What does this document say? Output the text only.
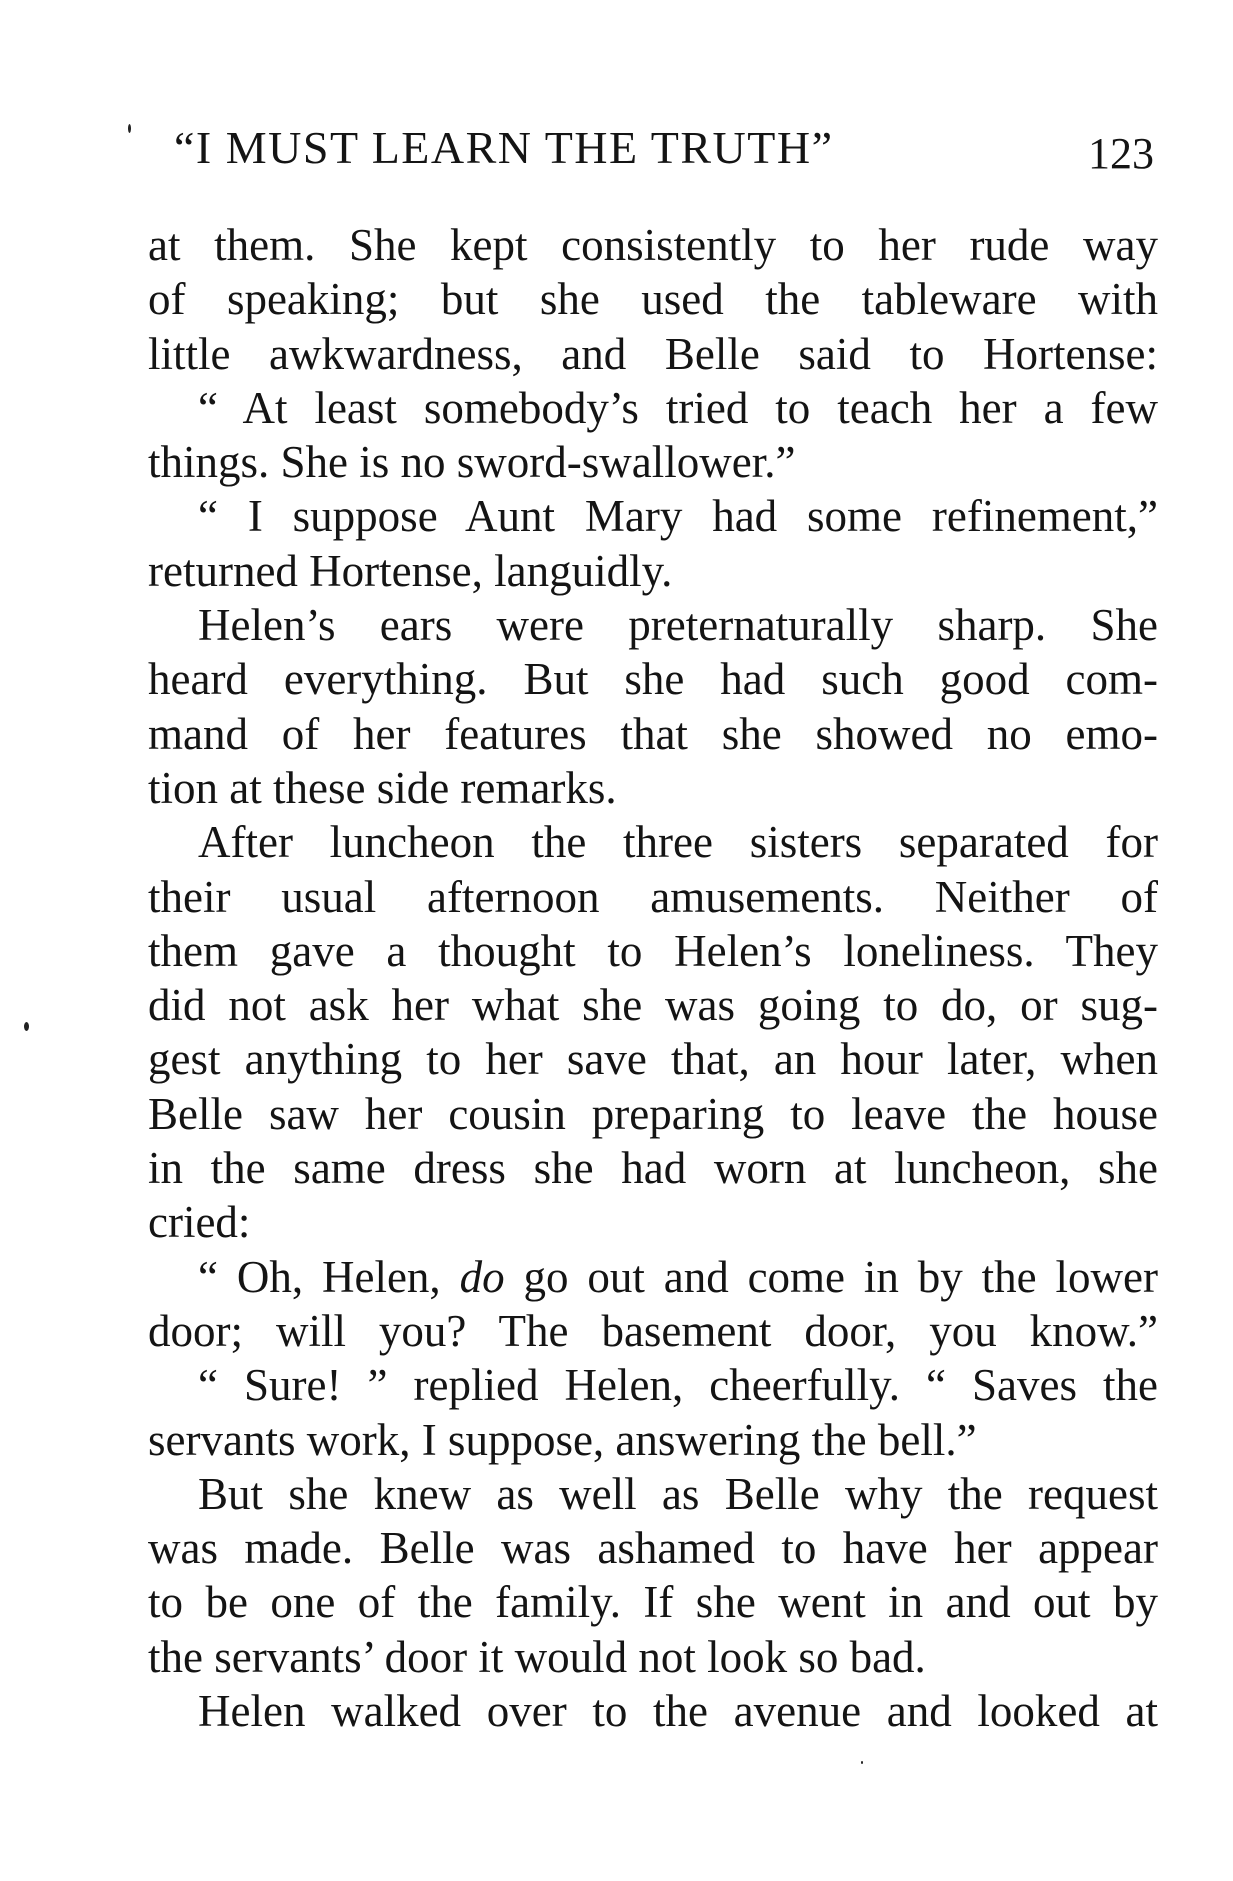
“I MUST LEARN THE TRUTH”	123
at them. She kept consistently to her rude way
of speaking; but she used the tableware with
little awkwardness, and Belle said to Hortense:
“ At least somebody’s tried to teach her a few
things. She is no sword-swallower.”
“ I suppose Aunt Mary had some refinement,”
returned Hortense, languidly.
Helen’s ears were preternaturally sharp. She
heard everything. But she had such good com-
mand of her features that she showed no emo-
tion at these side remarks.
After luncheon the three sisters separated for
their usual afternoon amusements. Neither of
them gave a thought to Helen’s loneliness. They
did not ask her what she was going to do, or sug-
gest anything to her save that, an hour later, when
Belle saw her cousin preparing to leave the house
in the same dress she had worn at luncheon, she
cried:
“ Oh, Helen, do go out and come in by the lower
door; will you? The basement door, you know.”
“ Sure! ” replied Helen, cheerfully. “ Saves the
servants work, I suppose, answering the bell.”
But she knew as well as Belle why the request
was made. Belle was ashamed to have her appear
to be one of the family. If she went in and out by
the servants’ door it would not look so bad.
Helen walked over to the avenue and looked at
